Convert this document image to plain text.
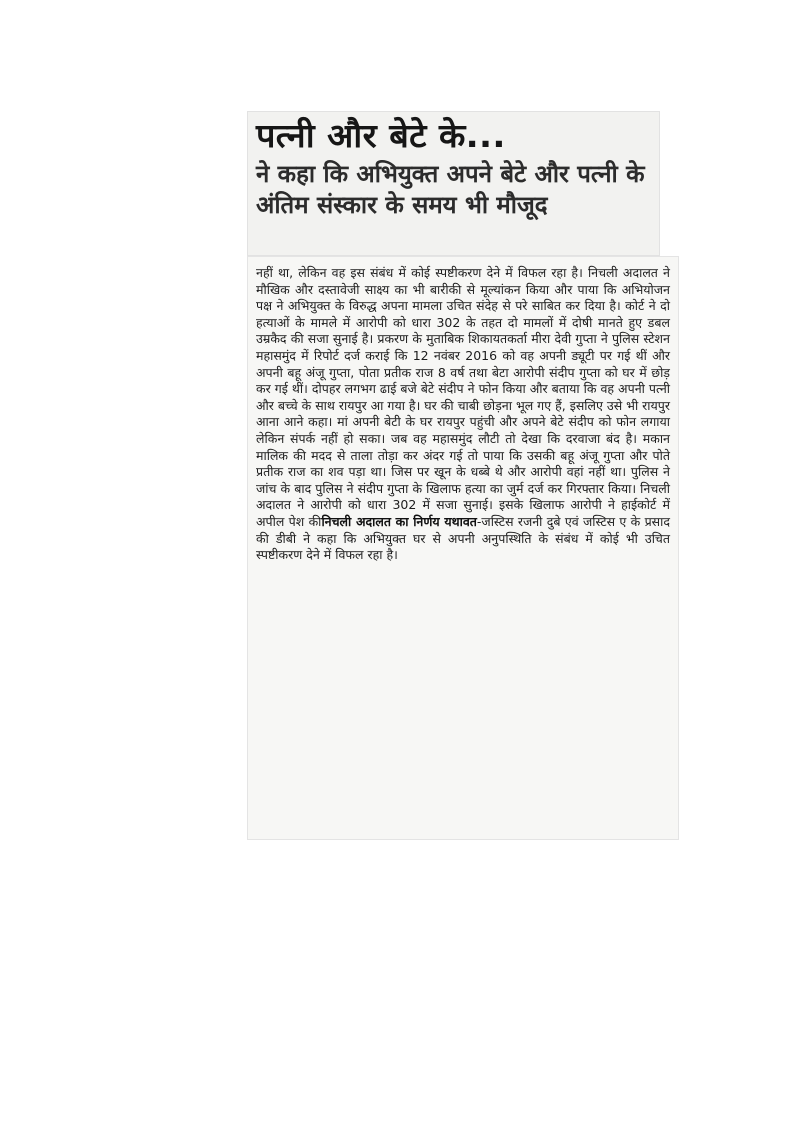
पत्नी और बेटे के...
ने कहा कि अभियुक्त अपने बेटे और पत्नी के अंतिम संस्कार के समय भी मौजूद

नहीं था, लेकिन वह इस संबंध में कोई स्पष्टीकरण देने में विफल रहा है। निचली अदालत ने मौखिक और दस्तावेजी साक्ष्य का भी बारीकी से मूल्यांकन किया और पाया कि अभियोजन पक्ष ने अभियुक्त के विरुद्ध अपना मामला उचित संदेह से परे साबित कर दिया है। कोर्ट ने दो हत्याओं के मामले में आरोपी को धारा 302 के तहत दो मामलों में दोषी मानते हुए डबल उम्रकैद की सजा सुनाई है। प्रकरण के मुताबिक शिकायतकर्ता मीरा देवी गुप्ता ने पुलिस स्टेशन महासमुंद में रिपोर्ट दर्ज कराई कि 12 नवंबर 2016 को वह अपनी ड्यूटी पर गई थीं और अपनी बहू अंजू गुप्ता, पोता प्रतीक राज 8 वर्ष तथा बेटा आरोपी संदीप गुप्ता को घर में छोड़ कर गई थीं। दोपहर लगभग ढाई बजे बेटे संदीप ने फोन किया और बताया कि वह अपनी पत्नी और बच्चे के साथ रायपुर आ गया है। घर की चाबी छोड़ना भूल गए हैं, इसलिए उसे भी रायपुर आना आने कहा। मां अपनी बेटी के घर रायपुर पहुंची और अपने बेटे संदीप को फोन लगाया लेकिन संपर्क नहीं हो सका। जब वह महासमुंद लौटी तो देखा कि दरवाजा बंद है। मकान मालिक की मदद से ताला तोड़ा कर अंदर गई तो पाया कि उसकी बहू अंजू गुप्ता और पोते प्रतीक राज का शव पड़ा था। जिस पर खून के धब्बे थे और आरोपी वहां नहीं था। पुलिस ने जांच के बाद पुलिस ने संदीप गुप्ता के खिलाफ हत्या का जुर्म दर्ज कर गिरफ्तार किया। निचली अदालत ने आरोपी को धारा 302 में सजा सुनाई। इसके खिलाफ आरोपी ने हाईकोर्ट में अपील पेश कीनिचली अदालत का निर्णय यथावत-जस्टिस रजनी दुबे एवं जस्टिस ए के प्रसाद की डीबी ने कहा कि अभियुक्त घर से अपनी अनुपस्थिति के संबंध में कोई भी उचित स्पष्टीकरण देने में विफल रहा है।
